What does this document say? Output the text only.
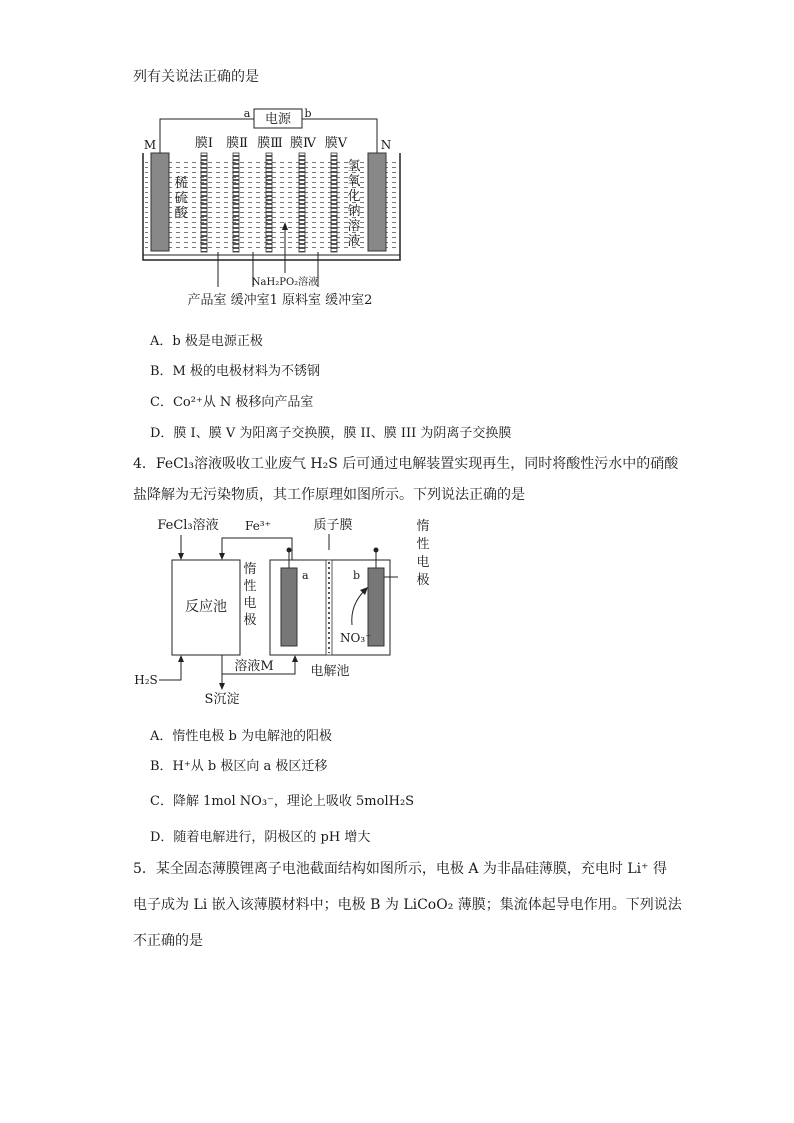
列有关说法正确的是
电源
a	b
M	N
膜Ⅰ 膜Ⅱ 膜Ⅲ 膜Ⅳ 膜Ⅴ
稀
硫
酸
氢
氧
化
钠
溶
液
NaH₂PO₂溶液
产品室 缓冲室1 原料室 缓冲室2
A．b 极是电源正极
B．M 极的电极材料为不锈钢
C．Co²⁺从 N 极移向产品室
D．膜 I、膜 V 为阳离子交换膜，膜 II、膜 III 为阴离子交换膜
4．FeCl₃溶液吸收工业废气 H₂S 后可通过电解装置实现再生，同时将酸性污水中的硝酸
盐降解为无污染物质，其工作原理如图所示。下列说法正确的是
FeCl₃溶液 Fe³⁺	质子膜
反应池
惰
性
电
极
a	b
NO₃⁻
惰
性
电
极
溶液M	电解池
H₂S
S沉淀
A．惰性电极 b 为电解池的阳极
B．H⁺从 b 极区向 a 极区迁移
C．降解 1mol NO₃⁻，理论上吸收 5molH₂S
D．随着电解进行，阴极区的 pH 增大
5．某全固态薄膜锂离子电池截面结构如图所示，电极 A 为非晶硅薄膜，充电时 Li⁺ 得
电子成为 Li 嵌入该薄膜材料中；电极 B 为 LiCoO₂ 薄膜；集流体起导电作用。下列说法
不正确的是
